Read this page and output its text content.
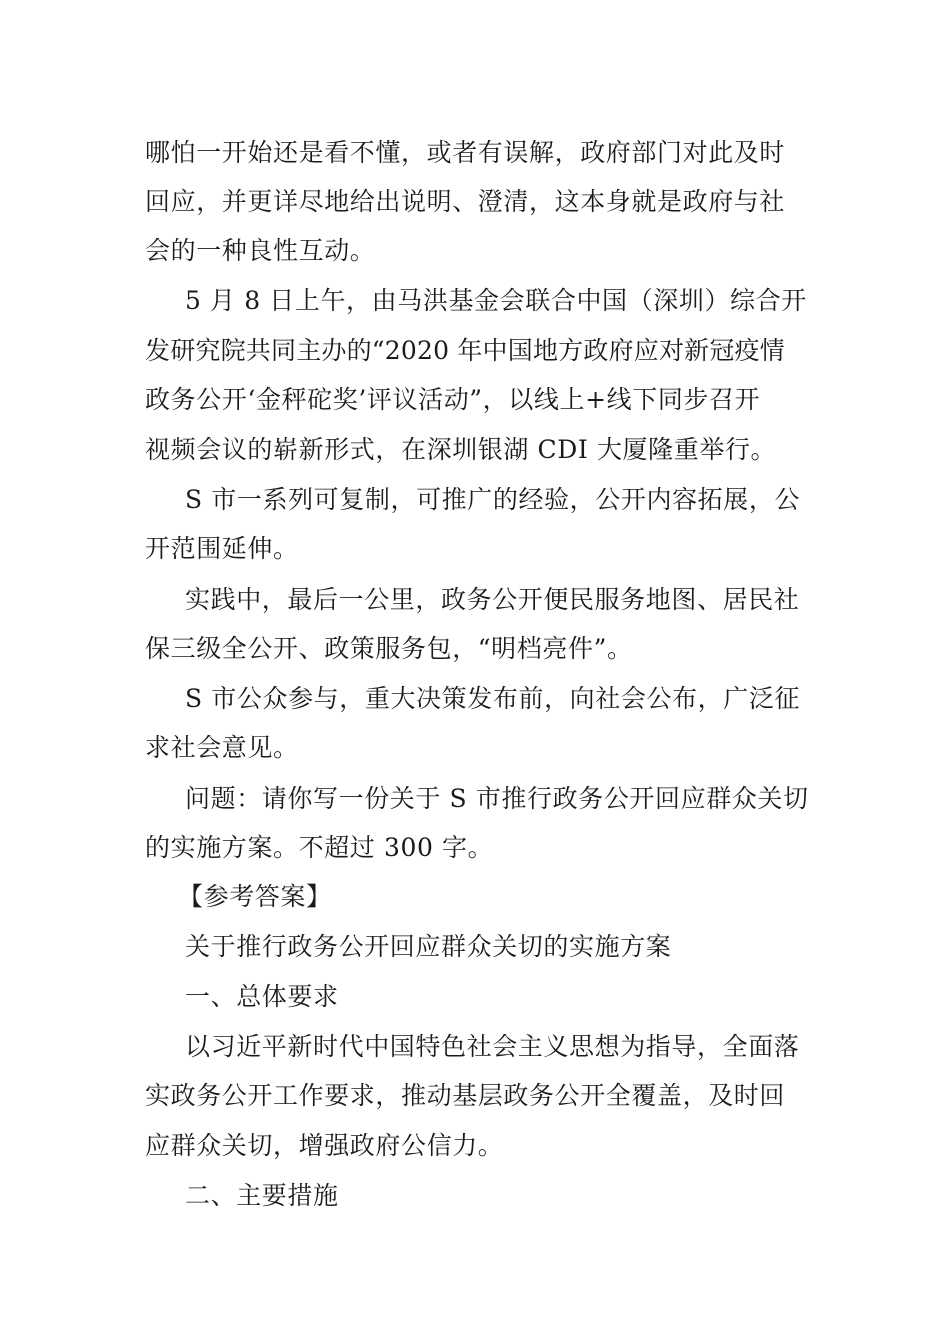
哪怕一开始还是看不懂，或者有误解，政府部门对此及时
回应，并更详尽地给出说明、澄清，这本身就是政府与社
会的一种良性互动。
5 月 8 日上午，由马洪基金会联合中国（深圳）综合开
发研究院共同主办的“2020 年中国地方政府应对新冠疫情
政务公开‘金秤砣奖’评议活动”，以线上+线下同步召开
视频会议的崭新形式，在深圳银湖 CDI 大厦隆重举行。
S 市一系列可复制，可推广的经验，公开内容拓展，公
开范围延伸。
实践中，最后一公里，政务公开便民服务地图、居民社
保三级全公开、政策服务包，“明档亮件”。
S 市公众参与，重大决策发布前，向社会公布，广泛征
求社会意见。
问题：请你写一份关于 S 市推行政务公开回应群众关切
的实施方案。不超过 300 字。
【参考答案】
关于推行政务公开回应群众关切的实施方案
一、总体要求
以习近平新时代中国特色社会主义思想为指导，全面落
实政务公开工作要求，推动基层政务公开全覆盖，及时回
应群众关切，增强政府公信力。
二、主要措施
